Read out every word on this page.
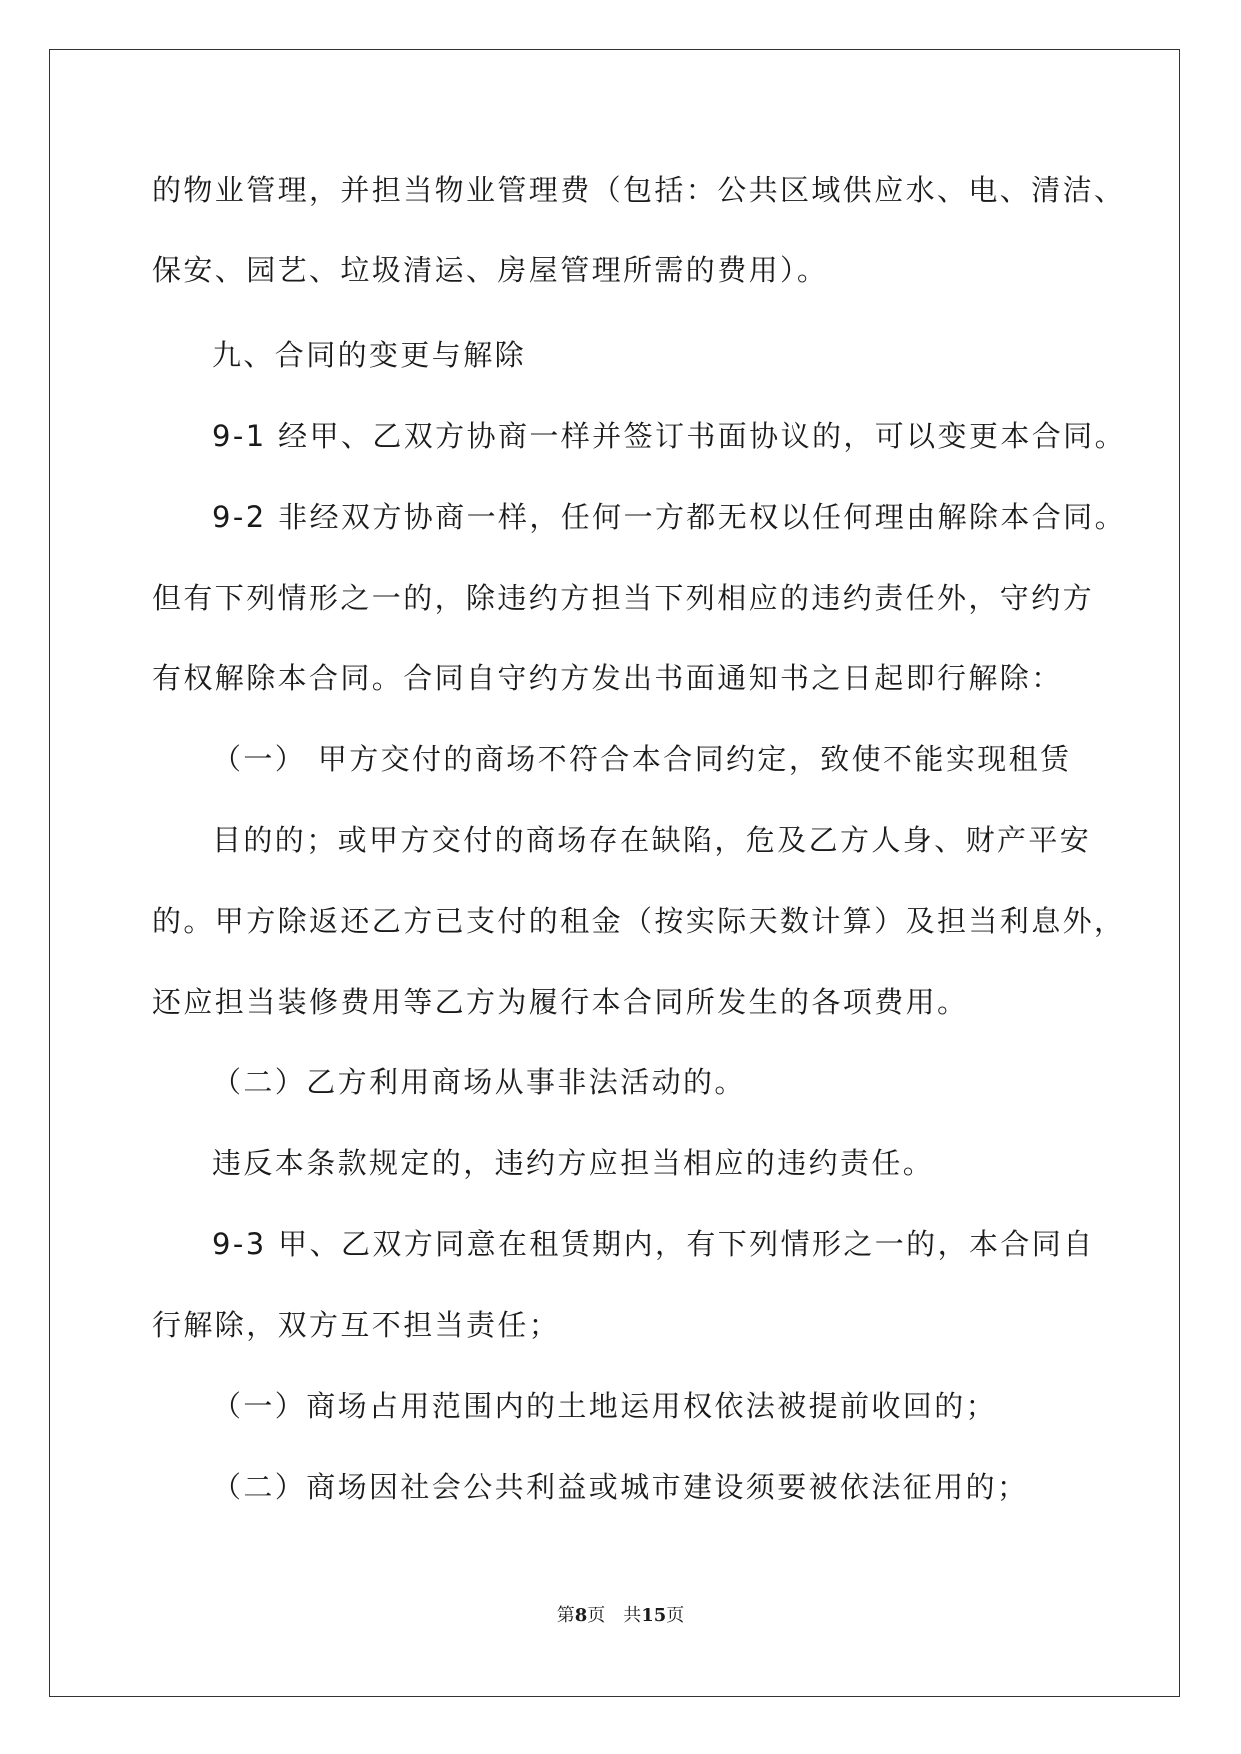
的物业管理，并担当物业管理费（包括：公共区域供应水、电、清洁、
保安、园艺、垃圾清运、房屋管理所需的费用）。
九、合同的变更与解除
9-1 经甲、乙双方协商一样并签订书面协议的，可以变更本合同。
9-2 非经双方协商一样，任何一方都无权以任何理由解除本合同。
但有下列情形之一的，除违约方担当下列相应的违约责任外，守约方
有权解除本合同。合同自守约方发出书面通知书之日起即行解除：
（一） 甲方交付的商场不符合本合同约定，致使不能实现租赁
目的的；或甲方交付的商场存在缺陷，危及乙方人身、财产平安
的。甲方除返还乙方已支付的租金（按实际天数计算）及担当利息外，
还应担当装修费用等乙方为履行本合同所发生的各项费用。
（二）乙方利用商场从事非法活动的。
违反本条款规定的，违约方应担当相应的违约责任。
9-3 甲、乙双方同意在租赁期内，有下列情形之一的，本合同自
行解除，双方互不担当责任；
（一）商场占用范围内的土地运用权依法被提前收回的；
（二）商场因社会公共利益或城市建设须要被依法征用的；
第8页 共15页
